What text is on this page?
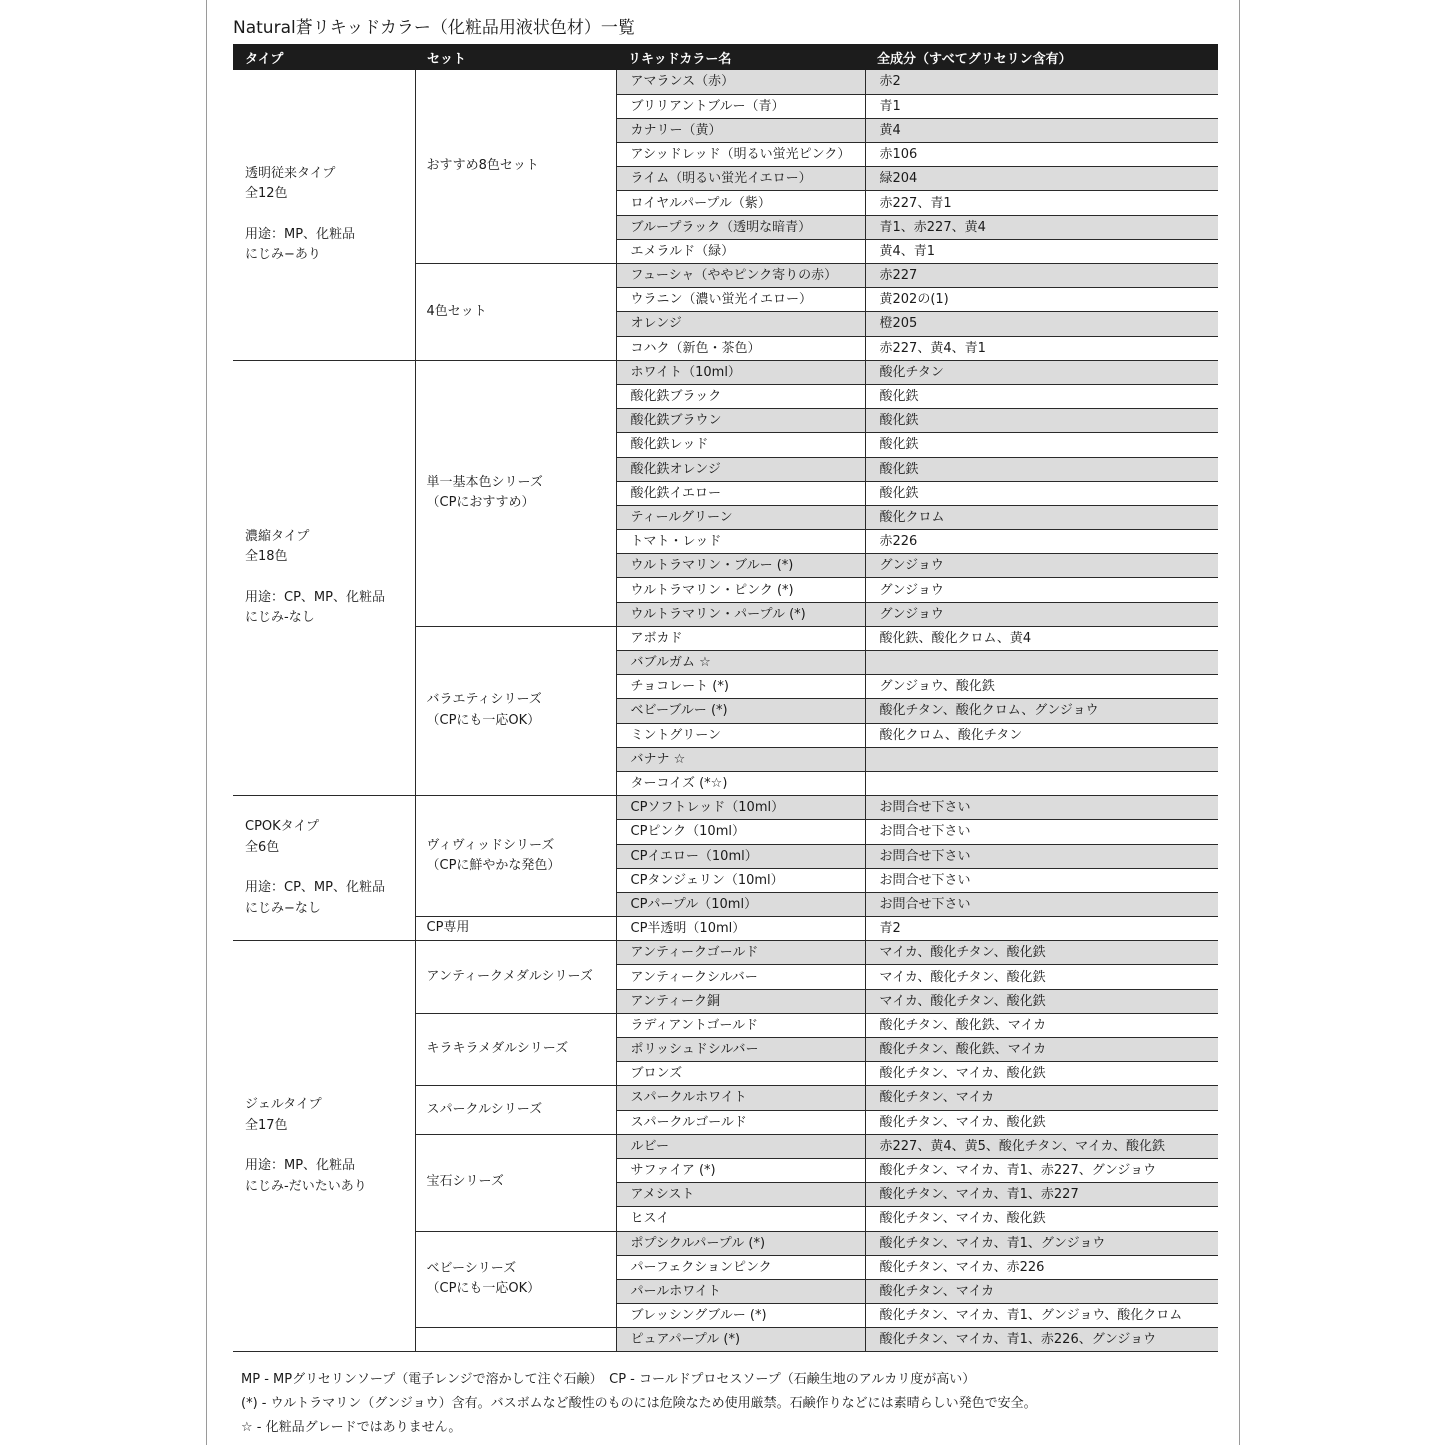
Natural蒼リキッドカラー（化粧品用液状色材）一覧
タイプ	セット	リキッドカラー名	全成分（すべてグリセリン含有）

透明従来タイプ
全12色
用途：MP、化粧品
にじみ−あり	おすすめ8色セット	アマランス（赤）	赤2
		ブリリアントブルー（青）	青1
		カナリー（黄）	黄4
		アシッドレッド（明るい蛍光ピンク）	赤106
		ライム（明るい蛍光イエロー）	緑204
		ロイヤルパープル（紫）	赤227、青1
		ブループラック（透明な暗青）	青1、赤227、黄4
		エメラルド（緑）	黄4、青1

	4色セット	フューシャ（ややピンク寄りの赤）	赤227
		ウラニン（濃い蛍光イエロー）	黄202の(1)
		オレンジ	橙205
		コハク（新色・茶色）	赤227、黄4、青1

濃縮タイプ
全18色
用途：CP、MP、化粧品
にじみ-なし	単一基本色シリーズ
（CPにおすすめ）	ホワイト（10ml）	酸化チタン
		酸化鉄ブラック	酸化鉄
		酸化鉄ブラウン	酸化鉄
		酸化鉄レッド	酸化鉄
		酸化鉄オレンジ	酸化鉄
		酸化鉄イエロー	酸化鉄
		ティールグリーン	酸化クロム
		トマト・レッド	赤226
		ウルトラマリン・ブルー (*)	グンジョウ
		ウルトラマリン・ピンク (*)	グンジョウ
		ウルトラマリン・パープル (*)	グンジョウ

	バラエティシリーズ
（CPにも一応OK）	アボカド	酸化鉄、酸化クロム、黄4
		バブルガム ☆	
		チョコレート (*)	グンジョウ、酸化鉄
		ベビーブルー (*)	酸化チタン、酸化クロム、グンジョウ
		ミントグリーン	酸化クロム、酸化チタン
		バナナ ☆	
		ターコイズ (*☆)	

CPOKタイプ
全6色
用途：CP、MP、化粧品
にじみ−なし	ヴィヴィッドシリーズ
（CPに鮮やかな発色）	CPソフトレッド（10ml）	お問合せ下さい
		CPピンク（10ml）	お問合せ下さい
		CPイエロー（10ml）	お問合せ下さい
		CPタンジェリン（10ml）	お問合せ下さい
		CPパープル（10ml）	お問合せ下さい

	CP専用	CP半透明（10ml）	青2

ジェルタイプ
全17色
用途：MP、化粧品
にじみ-だいたいあり	アンティークメダルシリーズ	アンティークゴールド	マイカ、酸化チタン、酸化鉄
		アンティークシルバー	マイカ、酸化チタン、酸化鉄
		アンティーク銅	マイカ、酸化チタン、酸化鉄

	キラキラメダルシリーズ	ラディアントゴールド	酸化チタン、酸化鉄、マイカ
		ポリッシュドシルバー	酸化チタン、酸化鉄、マイカ
		ブロンズ	酸化チタン、マイカ、酸化鉄

	スパークルシリーズ	スパークルホワイト	酸化チタン、マイカ
		スパークルゴールド	酸化チタン、マイカ、酸化鉄

	宝石シリーズ	ルビー	赤227、黄4、黄5、酸化チタン、マイカ、酸化鉄
		サファイア (*)	酸化チタン、マイカ、青1、赤227、グンジョウ
		アメシスト	酸化チタン、マイカ、青1、赤227
		ヒスイ	酸化チタン、マイカ、酸化鉄

	ベビーシリーズ
（CPにも一応OK）	ポプシクルパープル (*)	酸化チタン、マイカ、青1、グンジョウ
		パーフェクションピンク	酸化チタン、マイカ、赤226
		パールホワイト	酸化チタン、マイカ
		ブレッシングブルー (*)	酸化チタン、マイカ、青1、グンジョウ、酸化クロム

		ピュアパープル (*)	酸化チタン、マイカ、青1、赤226、グンジョウ
MP - MPグリセリンソープ（電子レンジで溶かして注ぐ石鹸）　CP - コールドプロセスソープ（石鹸生地のアルカリ度が高い）
(*) - ウルトラマリン（グンジョウ）含有。バスボムなど酸性のものには危険なため使用厳禁。石鹸作りなどには素晴らしい発色で安全。
☆ - 化粧品グレードではありません。
